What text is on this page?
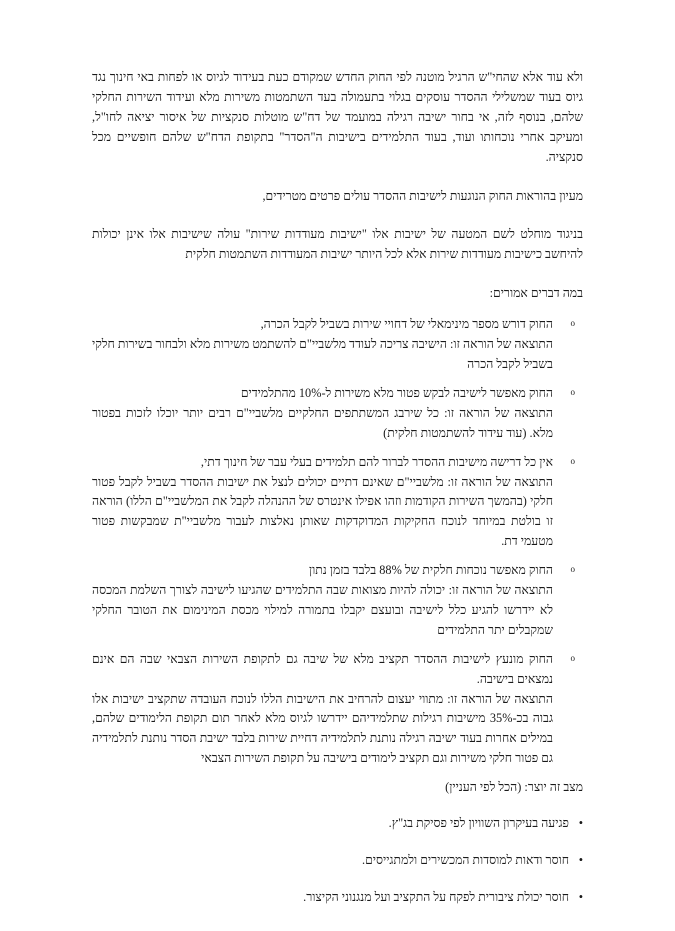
ולא עוד אלא שהחי"ש הרגיל מוטנה לפי החוק החדש שמקודם כעת בעידוד לגיוס או לפחות באי חינוך נגד גיוס בעוד שמשלילי ההסדר עוסקים בגלוי בתעמולה בעד השתמטות משירות מלא ועידוד השירות החלקי שלהם, בנוסף לזה, אי בחור ישיבה רגילה במועמד של דח"ש מוטלות סנקציות של איסור יציאה לחו"ל, ומעיקב אחרי נוכחותו ועוד, בעוד התלמידים בישיבות ה"הסדר" בתקופת הדח"ש שלהם חופשיים מכל סנקציה.

מעיון בהוראות החוק הנוגעות לישיבות ההסדר עולים פרטים מטרידים,

בניגוד מוחלט לשם המטעה של ישיבות אלו "ישיבות מעודדות שירות" עולה שישיבות אלו אינן יכולות להיחשב כישיבות מעודדות שירות אלא לכל היותר ישיבות המעודדות השתמטות חלקית

במה דברים אמורים:

o

החוק דורש מספר מינימאלי של דחויי שירות בשביל לקבל הכרה,

התוצאה של הוראה זו: הישיבה צריכה לעודד מלשביי"ם להשתמט משירות מלא ולבחור בשירות חלקי בשביל לקבל הכרה

o

החוק מאפשר לישיבה לבקש פטור מלא משירות ל-10% מהתלמידים

התוצאה של הוראה זו: כל שירבג המשתתפים החלקיים מלשביי"ם רבים יותר יוכלו לזכות בפטור מלא. (עוד עידוד להשתמטות חלקית)

o

אין כל דרישה מישיבות ההסדר לברור להם תלמידים בעלי עבר של חינוך דתי,

התוצאה של הוראה זו: מלשביי"ם שאינם דתיים יכולים לנצל את ישיבות ההסדר בשביל לקבל פטור חלקי (בהמשך השירות הקודמות וזהו אפילו אינטרס של ההנהלה לקבל את המלשביי"ם הללו) הוראה זו בולטת במיוחד לנוכח החקיקות המדוקדקות שאותן נאלצות לעבור מלשביי"ת שמבקשות פטור מטעמי דת.

o

החוק מאפשר נוכחות חלקית של 88% בלבד בזמן נתון

התוצאה של הוראה זו: יכולה להיות מצואות שבה התלמידים שהגיעו לישיבה לצורך השלמת המכסה לא יידרשו להגיע כלל לישיבה ובועצם יקבלו בתמורה למילוי מכסת המינימום את הטובר החלקי שמקבלים יתר התלמידים

o

החוק מונעץ לישיבות ההסדר תקציב מלא של שיבה גם לתקופת השירות הצבאי שבה הם אינם נמצאים בישיבה.

התוצאה של הוראה זו: מתווי יעצום להרחיב את הישיבות הללו לנוכח העובדה שתקציב ישיבות אלו גבוה בכ-35% מישיבות רגילות שתלמידיהם יידרשו לגיוס מלא לאחר תום תקופת הלימודים שלהם, במילים אחרות בעוד ישיבה רגילה נותנת לתלמידיה דחיית שירות בלבד ישיבת הסדר נותנת לתלמידיה גם פטור חלקי משירות וגם תקציב לימודים בישיבה על תקופת השירות הצבאי

מצב זה יוצר: (הכל לפי העניין)

•
פגיעה בעיקרון השוויון לפי פסיקת בג"ץ.
•
חוסר ודאות למוסדות המכשירים ולמתגייסים.
•
חוסר יכולת ציבורית לפקח על התקציב ועל מנגנוני הקיצור.
